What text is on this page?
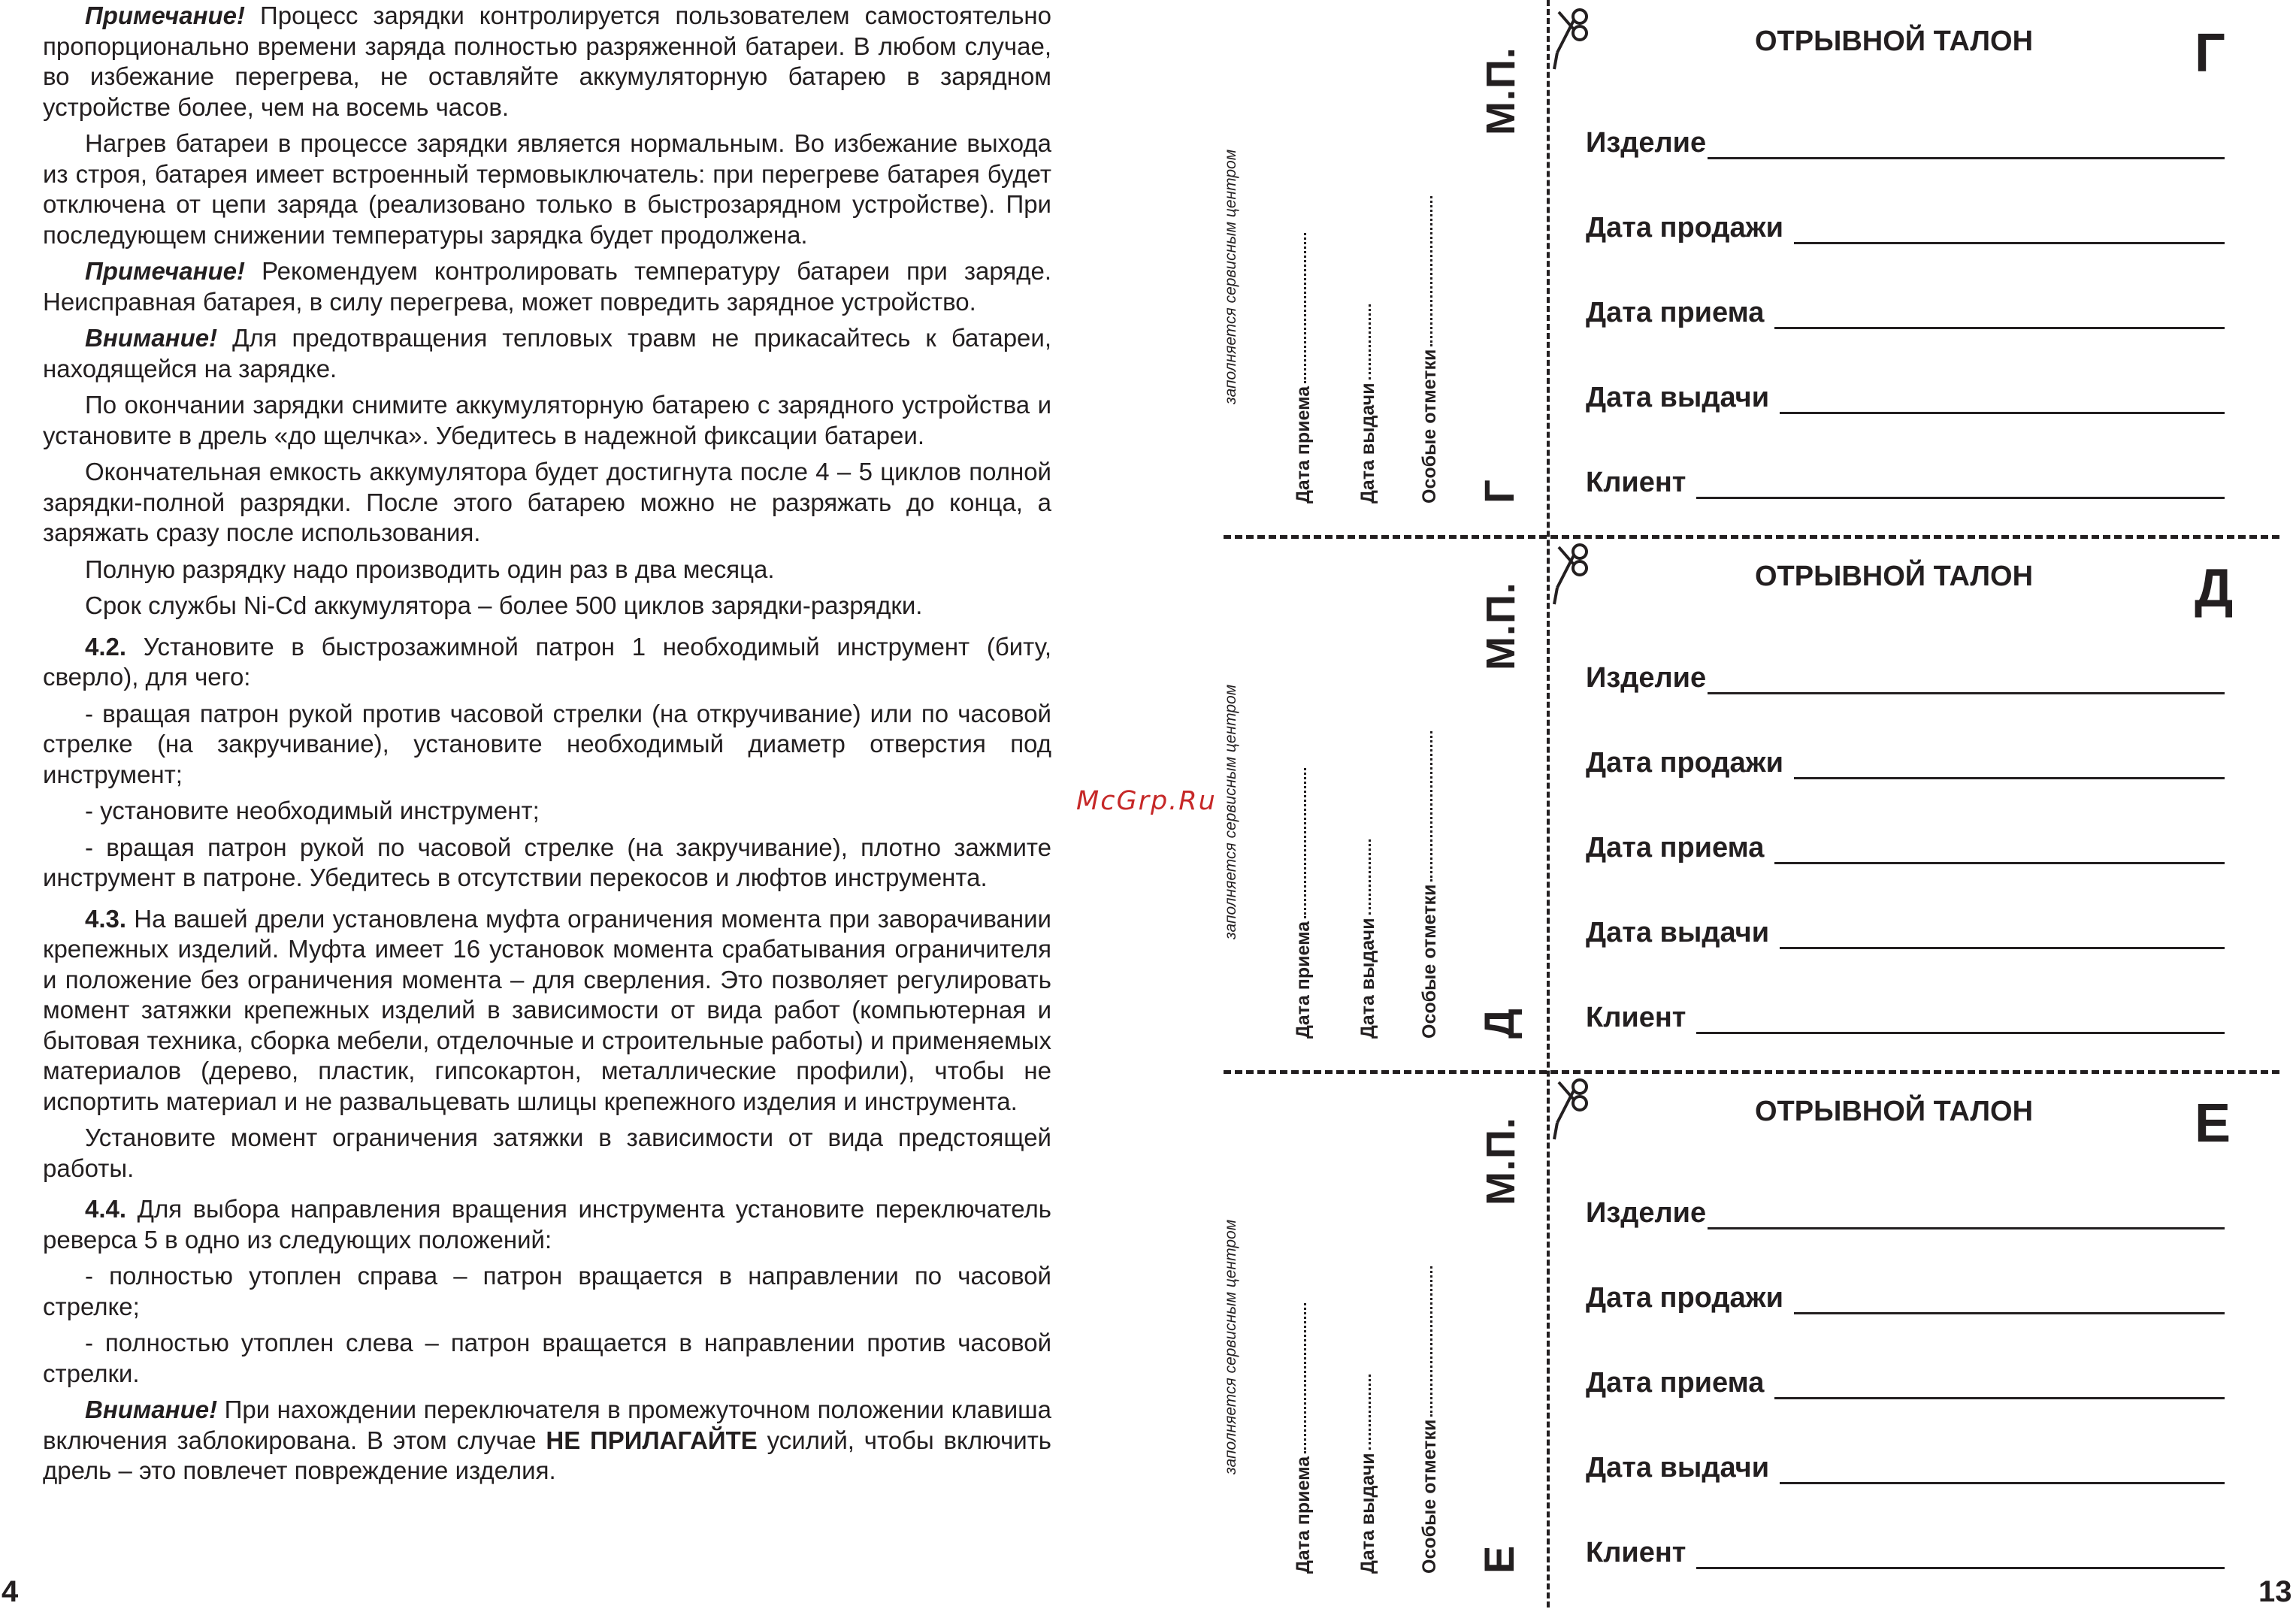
Примечание! Процесс зарядки контролируется пользователем самостоятельно пропорционально времени заряда полностью разряженной батареи. В любом случае, во избежание перегрева, не оставляйте аккумуляторную батарею в зарядном устройстве более, чем на восемь часов.

Нагрев батареи в процессе зарядки является нормальным. Во избежание выхода из строя, батарея имеет встроенный термовыключатель: при перегреве батарея будет отключена от цепи заряда (реализовано только в быстрозарядном устройстве). При последующем снижении температуры зарядка будет продолжена.

Примечание! Рекомендуем контролировать температуру батареи при заряде. Неисправная батарея, в силу перегрева, может повредить зарядное устройство.

Внимание! Для предотвращения тепловых травм не прикасайтесь к батареи, находящейся на зарядке.

По окончании зарядки снимите аккумуляторную батарею с зарядного устройства и установите в дрель «до щелчка». Убедитесь в надежной фиксации батареи.

Окончательная емкость аккумулятора будет достигнута после 4 – 5 циклов полной зарядки-полной разрядки. После этого батарею можно не разряжать до конца, а заряжать сразу после использования.

Полную разрядку надо производить один раз в два месяца.

Срок службы Ni-Cd аккумулятора – более 500 циклов зарядки-разрядки.

4.2. Установите в быстрозажимной патрон 1 необходимый инструмент (биту, сверло), для чего:

- вращая патрон рукой против часовой стрелки (на откручивание) или по часовой стрелке (на закручивание), установите необходимый диаметр отверстия под инструмент;

- установите необходимый инструмент;

- вращая патрон рукой по часовой стрелке (на закручивание), плотно зажмите инструмент в патроне. Убедитесь в отсутствии перекосов и люфтов инструмента.

4.3. На вашей дрели установлена муфта ограничения момента при заворачивании крепежных изделий. Муфта имеет 16 установок момента срабатывания ограничителя и положение без ограничения момента – для сверления. Это позволяет регулировать момент затяжки крепежных изделий в зависимости от вида работ (компьютерная и бытовая техника, сборка мебели, отделочные и строительные работы) и применяемых материалов (дерево, пластик, гипсокартон, металлические профили), чтобы не испортить материал и не развальцевать шлицы крепежного изделия и инструмента.

Установите момент ограничения затяжки в зависимости от вида предстоящей работы.

4.4. Для выбора направления вращения инструмента установите переключатель реверса 5 в одно из следующих положений:

- полностью утоплен справа – патрон вращается в направлении по часовой стрелке;

- полностью утоплен слева – патрон вращается в направлении против часовой стрелки.

Внимание! При нахождении переключателя в промежуточном положении клавиша включения заблокирована. В этом случае НЕ ПРИЛАГАЙТЕ усилий, чтобы включить дрель – это повлечет повреждение изделия.

4
McGrp.Ru
ОТРЫВНОЙ ТАЛОН	Г
Изделие
Дата продажи
Дата приема
Дата выдачи
Клиент
заполняется сервисным центром
Дата приема Дата выдачи Особые отметки
М.П.
Г
ОТРЫВНОЙ ТАЛОН	Д
Изделие
Дата продажи
Дата приема
Дата выдачи
Клиент
заполняется сервисным центром
Дата приема Дата выдачи Особые отметки
М.П.
Д
ОТРЫВНОЙ ТАЛОН	Е
Изделие
Дата продажи
Дата приема
Дата выдачи
Клиент
заполняется сервисным центром
Дата приема Дата выдачи Особые отметки
М.П.
Е
13
